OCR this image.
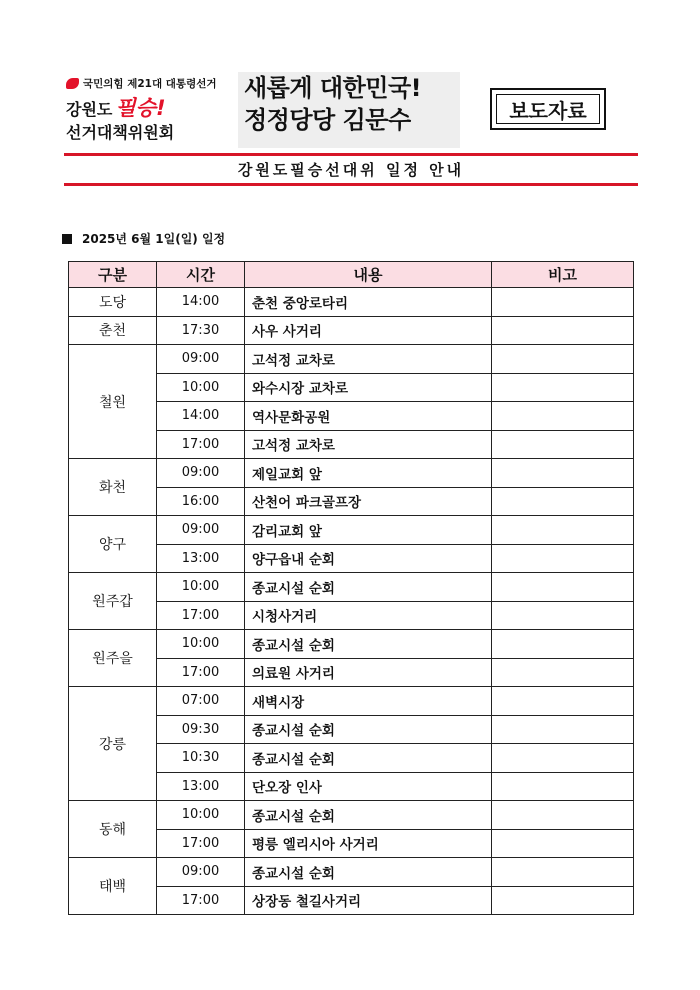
국민의힘 제21대 대통령선거
강원도 필승!
선거대책위원회
새롭게 대한민국!
정정당당 김문수	보도자료
강원도필승선대위 일정 안내
2025년 6월 1일(일) 일정
구분	시간	내용	비고
도당	14:00	춘천 중앙로타리	
춘천	17:30	사우 사거리	
철원	09:00	고석정 교차로	
	10:00	와수시장 교차로	
	14:00	역사문화공원	
	17:00	고석정 교차로	
화천	09:00	제일교회 앞	
	16:00	산천어 파크골프장	
양구	09:00	감리교회 앞	
	13:00	양구읍내 순회	
원주갑	10:00	종교시설 순회	
	17:00	시청사거리	
원주을	10:00	종교시설 순회	
	17:00	의료원 사거리	
강릉	07:00	새벽시장	
	09:30	종교시설 순회	
	10:30	종교시설 순회	
	13:00	단오장 인사	
동해	10:00	종교시설 순회	
	17:00	평릉 엘리시아 사거리	
태백	09:00	종교시설 순회	
	17:00	상장동 철길사거리	
